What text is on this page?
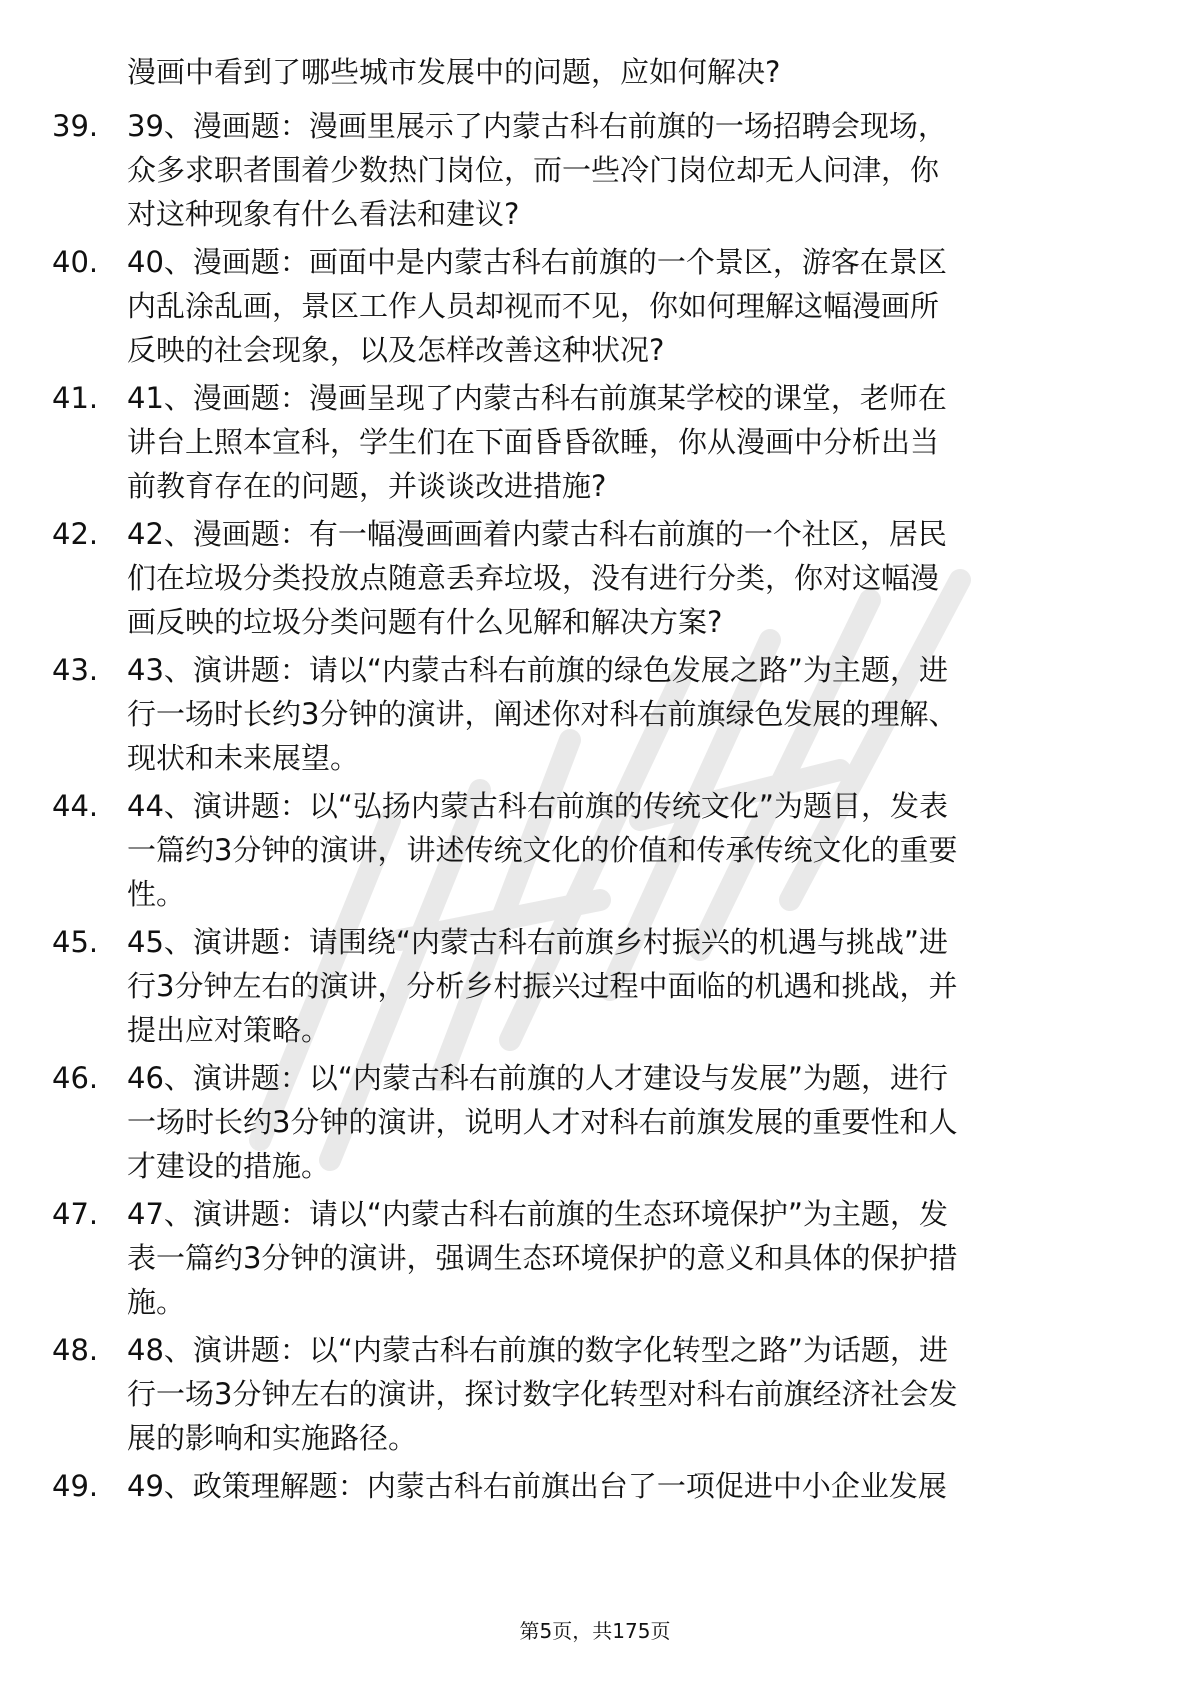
漫画中看到了哪些城市发展中的问题，应如何解决?
39. 39、漫画题：漫画里展示了内蒙古科右前旗的一场招聘会现场，
众多求职者围着少数热门岗位，而一些冷门岗位却无人问津，你
对这种现象有什么看法和建议?
40. 40、漫画题：画面中是内蒙古科右前旗的一个景区，游客在景区
内乱涂乱画，景区工作人员却视而不见，你如何理解这幅漫画所
反映的社会现象，以及怎样改善这种状况?
41. 41、漫画题：漫画呈现了内蒙古科右前旗某学校的课堂，老师在
讲台上照本宣科，学生们在下面昏昏欲睡，你从漫画中分析出当
前教育存在的问题，并谈谈改进措施?
42. 42、漫画题：有一幅漫画画着内蒙古科右前旗的一个社区，居民
们在垃圾分类投放点随意丢弃垃圾，没有进行分类，你对这幅漫
画反映的垃圾分类问题有什么见解和解决方案?
43. 43、演讲题：请以“内蒙古科右前旗的绿色发展之路”为主题，进
行一场时长约3分钟的演讲，阐述你对科右前旗绿色发展的理解、
现状和未来展望。
44. 44、演讲题：以“弘扬内蒙古科右前旗的传统文化”为题目，发表
一篇约3分钟的演讲，讲述传统文化的价值和传承传统文化的重要
性。
45. 45、演讲题：请围绕“内蒙古科右前旗乡村振兴的机遇与挑战”进
行3分钟左右的演讲，分析乡村振兴过程中面临的机遇和挑战，并
提出应对策略。
46. 46、演讲题：以“内蒙古科右前旗的人才建设与发展”为题，进行
一场时长约3分钟的演讲，说明人才对科右前旗发展的重要性和人
才建设的措施。
47. 47、演讲题：请以“内蒙古科右前旗的生态环境保护”为主题，发
表一篇约3分钟的演讲，强调生态环境保护的意义和具体的保护措
施。
48. 48、演讲题：以“内蒙古科右前旗的数字化转型之路”为话题，进
行一场3分钟左右的演讲，探讨数字化转型对科右前旗经济社会发
展的影响和实施路径。
49. 49、政策理解题：内蒙古科右前旗出台了一项促进中小企业发展
第5页，共175页
